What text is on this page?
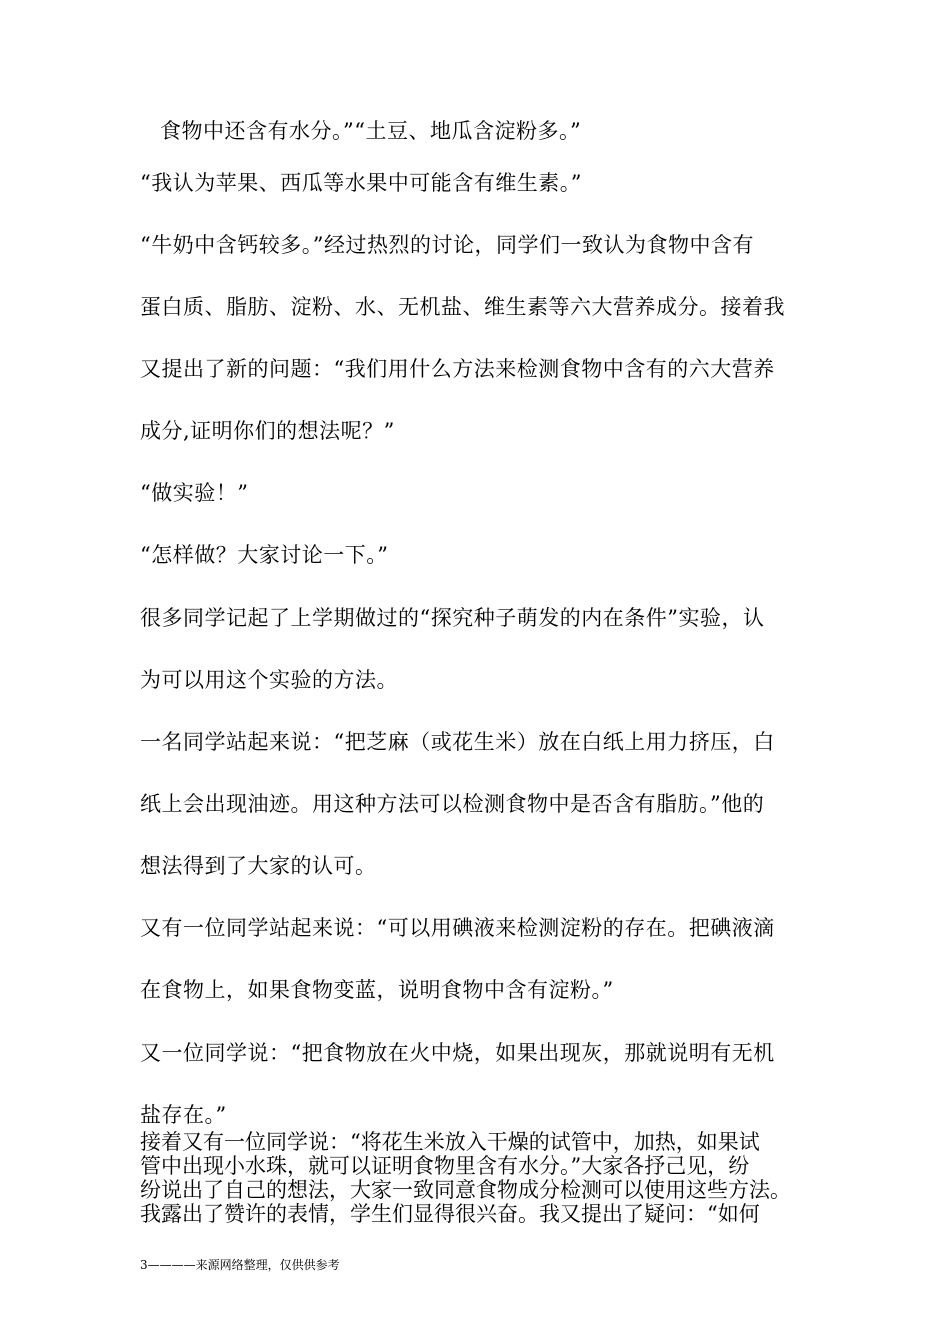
食物中还含有水分。”“土豆、地瓜含淀粉多。”
“我认为苹果、西瓜等水果中可能含有维生素。”
“牛奶中含钙较多。”经过热烈的讨论，同学们一致认为食物中含有
蛋白质、脂肪、淀粉、水、无机盐、维生素等六大营养成分。接着我
又提出了新的问题：“我们用什么方法来检测食物中含有的六大营养
成分,证明你们的想法呢？”
“做实验！”
“怎样做？大家讨论一下。”
很多同学记起了上学期做过的“探究种子萌发的内在条件”实验，认
为可以用这个实验的方法。
一名同学站起来说：“把芝麻（或花生米）放在白纸上用力挤压，白
纸上会出现油迹。用这种方法可以检测食物中是否含有脂肪。”他的
想法得到了大家的认可。
又有一位同学站起来说：“可以用碘液来检测淀粉的存在。把碘液滴
在食物上，如果食物变蓝，说明食物中含有淀粉。”
又一位同学说：“把食物放在火中烧，如果出现灰，那就说明有无机
盐存在。”
接着又有一位同学说：“将花生米放入干燥的试管中，加热，如果试
管中出现小水珠，就可以证明食物里含有水分。”大家各抒己见，纷
纷说出了自己的想法，大家一致同意食物成分检测可以使用这些方法。
我露出了赞许的表情，学生们显得很兴奋。我又提出了疑问：“如何
3————来源网络整理，仅供供参考
